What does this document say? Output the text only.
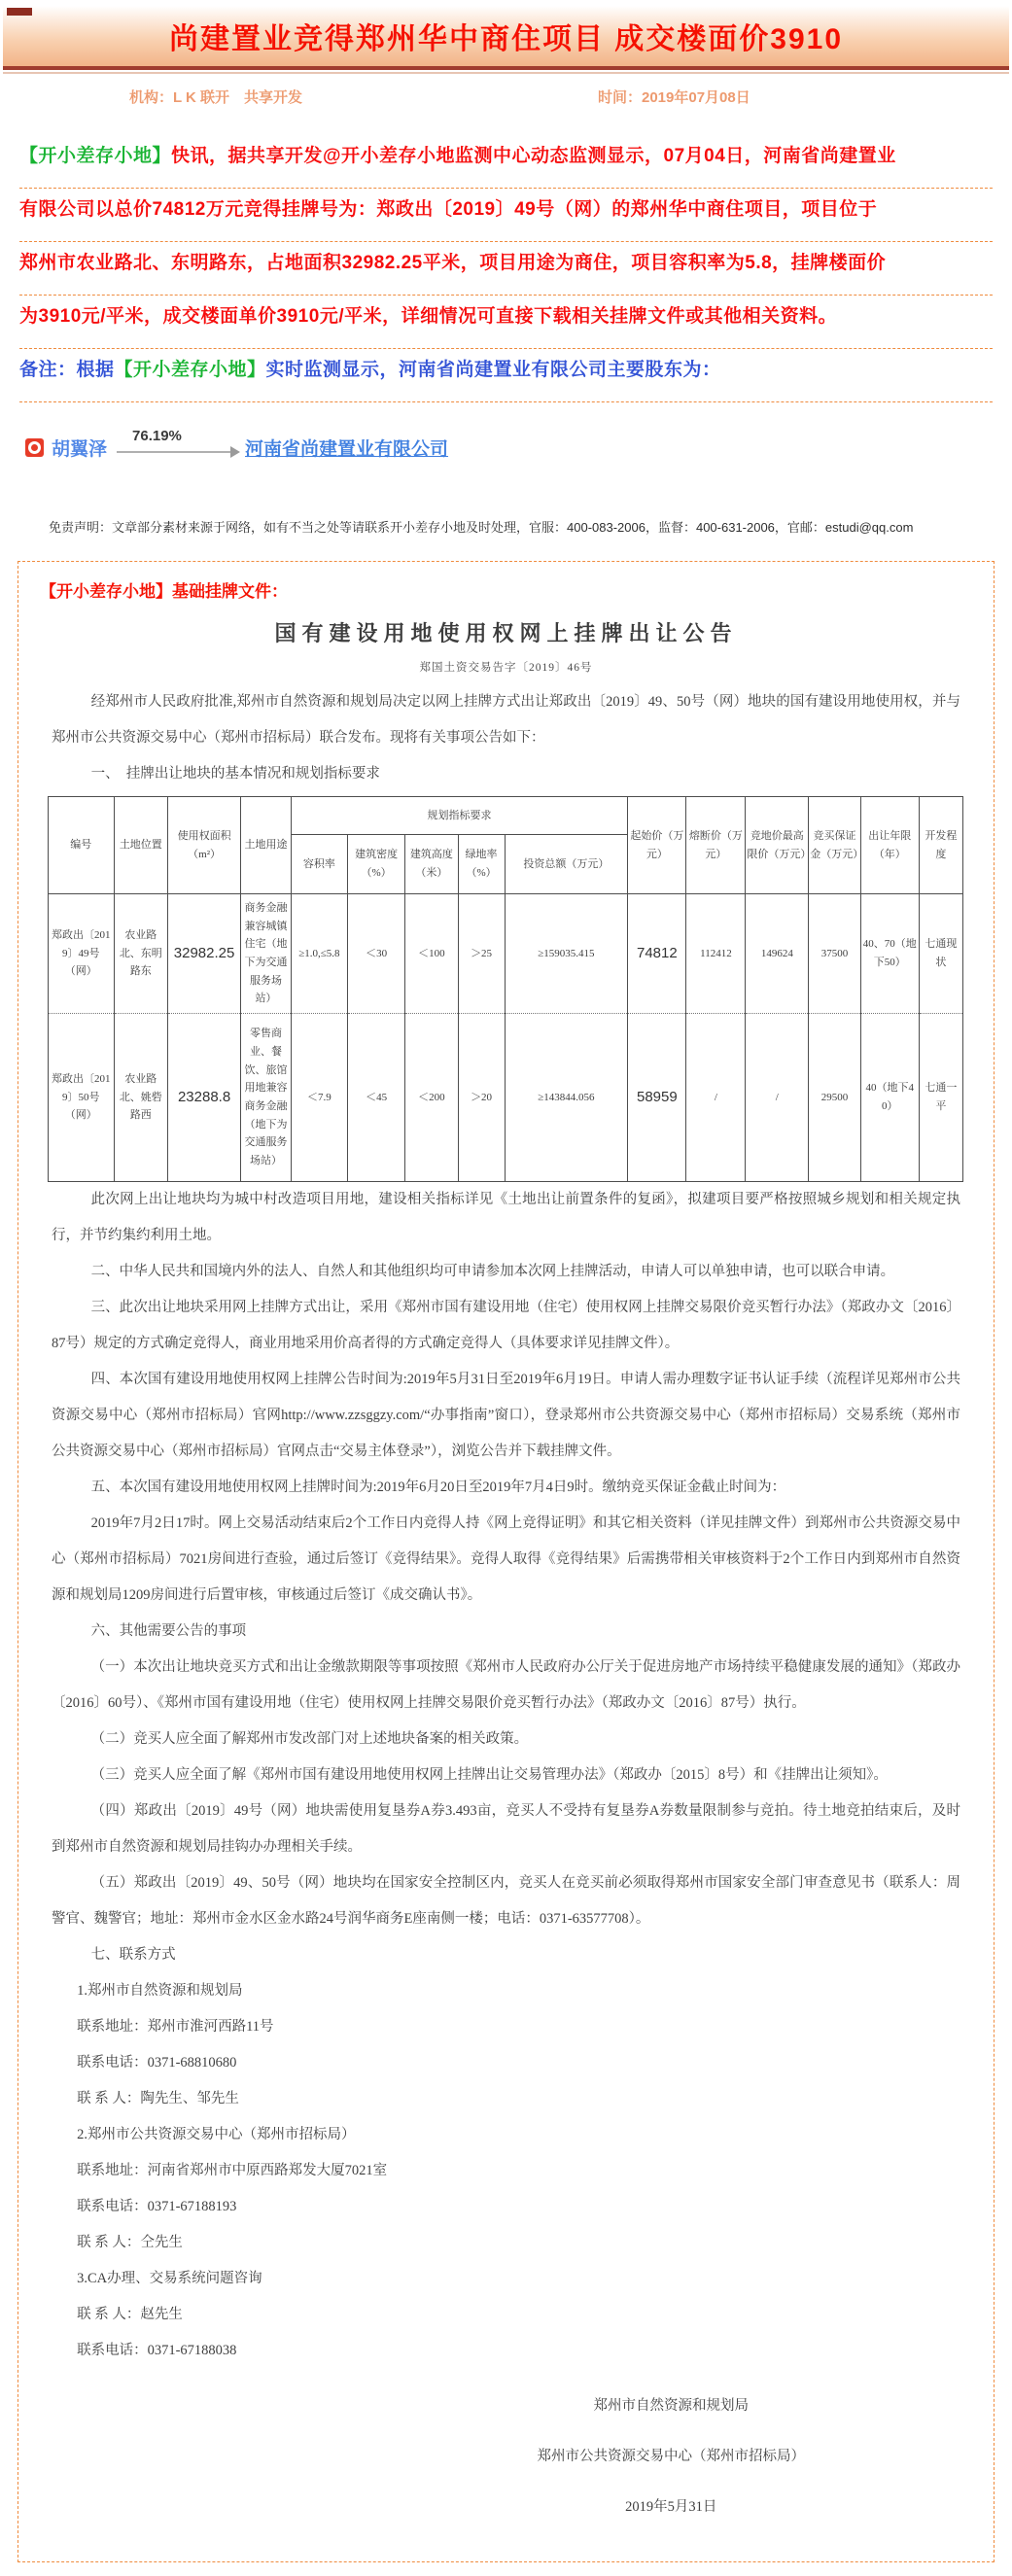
尚建置业竞得郑州华中商住项目 成交楼面价3910
机构：L K 联开　共享开发	时间：2019年07月08日
【开小差存小地】快讯，据共享开发@开小差存小地监测中心动态监测显示，07月04日，河南省尚建置业
有限公司以总价74812万元竞得挂牌号为：郑政出〔2019〕49号（网）的郑州华中商住项目，项目位于
郑州市农业路北、东明路东，占地面积32982.25平米，项目用途为商住，项目容积率为5.8，挂牌楼面价
为3910元/平米，成交楼面单价3910元/平米，详细情况可直接下载相关挂牌文件或其他相关资料。
备注：根据【开小差存小地】实时监测显示，河南省尚建置业有限公司主要股东为：
胡翼泽
76.19%
河南省尚建置业有限公司

免责声明：文章部分素材来源于网络，如有不当之处等请联系开小差存小地及时处理，官服：400-083-2006，监督：400-631-2006，官邮：estudi@qq.com

【开小差存小地】基础挂牌文件：

国有建设用地使用权网上挂牌出让公告

郑国土资交易告字〔2019〕46号

经郑州市人民政府批准,郑州市自然资源和规划局决定以网上挂牌方式出让郑政出〔2019〕49、50号（网）地块的国有建设用地使用权，并与郑州市公共资源交易中心（郑州市招标局）联合发布。现将有关事项公告如下：

一、　挂牌出让地块的基本情况和规划指标要求

编号	土地位置	使用权面积（m²）	土地用途	规划指标要求					起始价（万元）	熔断价（万元）	竞地价最高限价（万元）	竞买保证金（万元）	出让年限（年）	开发程度
				容积率	建筑密度（%）	建筑高度（米）	绿地率（%）	投资总额（万元）						
郑政出〔2019〕49号（网）	农业路北、东明路东	32982.25	商务金融兼容城镇住宅（地下为交通服务场站）	≥1.0,≤5.8	＜30	＜100	＞25	≥159035.415	74812	112412	149624	37500	40、70（地下50）	七通现状
郑政出〔2019〕50号（网）	农业路北、姚砦路西	23288.8	零售商业、餐饮、旅馆用地兼容商务金融（地下为交通服务场站）	＜7.9	＜45	＜200	＞20	≥143844.056	58959	/	/	29500	40（地下40）	七通一平

此次网上出让地块均为城中村改造项目用地，建设相关指标详见《土地出让前置条件的复函》，拟建项目要严格按照城乡规划和相关规定执行，并节约集约利用土地。

二、中华人民共和国境内外的法人、自然人和其他组织均可申请参加本次网上挂牌活动，申请人可以单独申请，也可以联合申请。

三、此次出让地块采用网上挂牌方式出让，采用《郑州市国有建设用地（住宅）使用权网上挂牌交易限价竞买暂行办法》（郑政办文〔2016〕87号）规定的方式确定竞得人，商业用地采用价高者得的方式确定竞得人（具体要求详见挂牌文件）。

四、本次国有建设用地使用权网上挂牌公告时间为:2019年5月31日至2019年6月19日。申请人需办理数字证书认证手续（流程详见郑州市公共资源交易中心（郑州市招标局）官网http://www.zzsggzy.com/“办事指南”窗口），登录郑州市公共资源交易中心（郑州市招标局）交易系统（郑州市公共资源交易中心（郑州市招标局）官网点击“交易主体登录”），浏览公告并下载挂牌文件。

五、本次国有建设用地使用权网上挂牌时间为:2019年6月20日至2019年7月4日9时。缴纳竞买保证金截止时间为：

2019年7月2日17时。网上交易活动结束后2个工作日内竞得人持《网上竞得证明》和其它相关资料（详见挂牌文件）到郑州市公共资源交易中心（郑州市招标局）7021房间进行查验，通过后签订《竞得结果》。竞得人取得《竞得结果》后需携带相关审核资料于2个工作日内到郑州市自然资源和规划局1209房间进行后置审核，审核通过后签订《成交确认书》。

六、其他需要公告的事项

（一）本次出让地块竞买方式和出让金缴款期限等事项按照《郑州市人民政府办公厅关于促进房地产市场持续平稳健康发展的通知》（郑政办〔2016〕60号）、《郑州市国有建设用地（住宅）使用权网上挂牌交易限价竞买暂行办法》（郑政办文〔2016〕87号）执行。

（二）竞买人应全面了解郑州市发改部门对上述地块备案的相关政策。

（三）竞买人应全面了解《郑州市国有建设用地使用权网上挂牌出让交易管理办法》（郑政办〔2015〕8号）和《挂牌出让须知》。

（四）郑政出〔2019〕49号（网）地块需使用复垦券A券3.493亩，竞买人不受持有复垦券A券数量限制参与竞拍。待土地竞拍结束后，及时到郑州市自然资源和规划局挂钩办办理相关手续。

（五）郑政出〔2019〕49、50号（网）地块均在国家安全控制区内，竞买人在竞买前必须取得郑州市国家安全部门审查意见书（联系人：周警官、魏警官；地址：郑州市金水区金水路24号润华商务E座南侧一楼；电话：0371-63577708）。

七、联系方式

1.郑州市自然资源和规划局

联系地址：郑州市淮河西路11号

联系电话：0371-68810680

联 系 人：陶先生、邹先生

2.郑州市公共资源交易中心（郑州市招标局）

联系地址：河南省郑州市中原西路郑发大厦7021室

联系电话：0371-67188193

联 系 人：仝先生

3.CA办理、交易系统问题咨询

联 系 人：赵先生

联系电话：0371-67188038

郑州市自然资源和规划局
郑州市公共资源交易中心（郑州市招标局）
2019年5月31日
